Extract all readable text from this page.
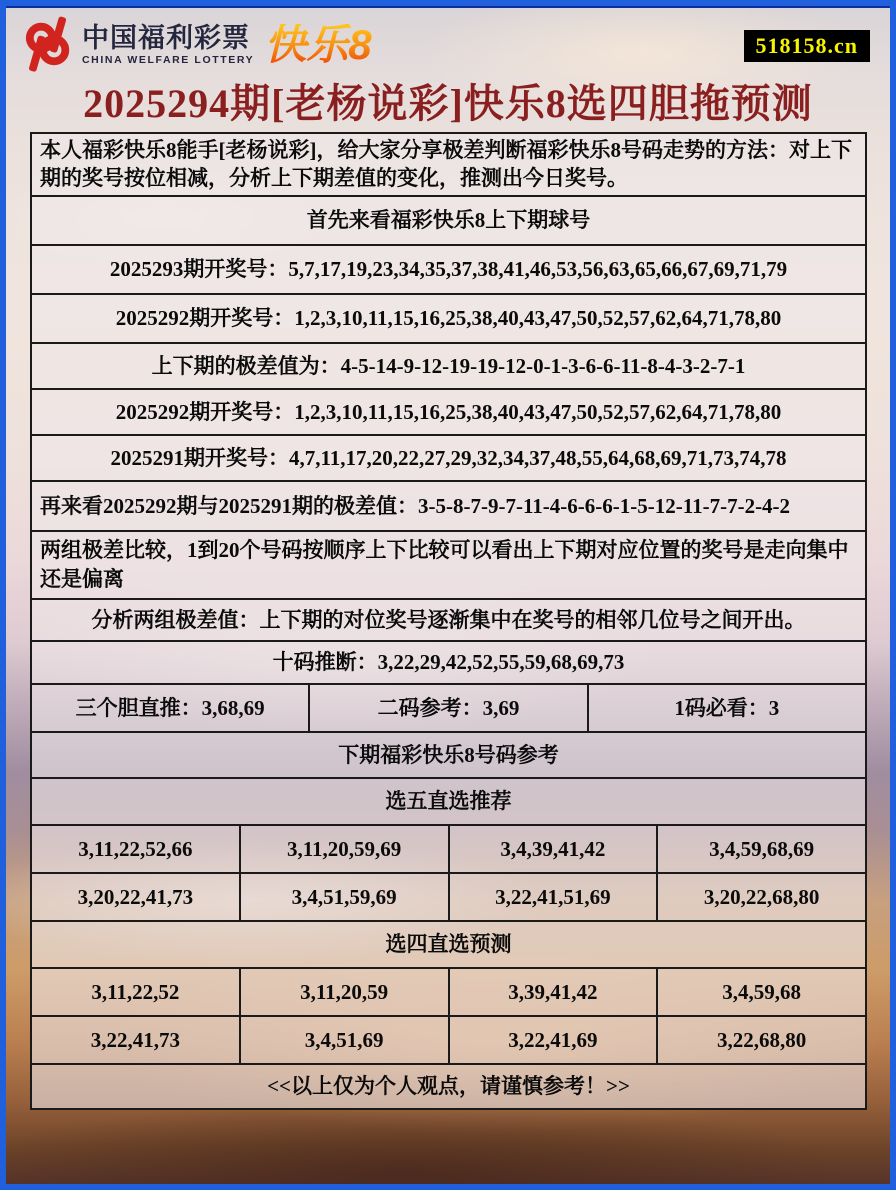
中国福利彩票
CHINA WELFARE LOTTERY 快乐8	518158.cn
2025294期[老杨说彩]快乐8选四胆拖预测
本人福彩快乐8能手[老杨说彩]，给大家分享极差判断福彩快乐8号码走势的方法：对上下期的奖号按位相减，分析上下期差值的变化，推测出今日奖号。
首先来看福彩快乐8上下期球号
2025293期开奖号：5,7,17,19,23,34,35,37,38,41,46,53,56,63,65,66,67,69,71,79
2025292期开奖号：1,2,3,10,11,15,16,25,38,40,43,47,50,52,57,62,64,71,78,80
上下期的极差值为：4-5-14-9-12-19-19-12-0-1-3-6-6-11-8-4-3-2-7-1
2025292期开奖号：1,2,3,10,11,15,16,25,38,40,43,47,50,52,57,62,64,71,78,80
2025291期开奖号：4,7,11,17,20,22,27,29,32,34,37,48,55,64,68,69,71,73,74,78
再来看2025292期与2025291期的极差值：3-5-8-7-9-7-11-4-6-6-6-1-5-12-11-7-7-2-4-2
两组极差比较，1到20个号码按顺序上下比较可以看出上下期对应位置的奖号是走向集中还是偏离
分析两组极差值：上下期的对位奖号逐渐集中在奖号的相邻几位号之间开出。
十码推断：3,22,29,42,52,55,59,68,69,73
三个胆直推：3,68,69	二码参考：3,69	1码必看：3
下期福彩快乐8号码参考
选五直选推荐
3,11,22,52,66	3,11,20,59,69	3,4,39,41,42	3,4,59,68,69
3,20,22,41,73	3,4,51,59,69	3,22,41,51,69	3,20,22,68,80
选四直选预测
3,11,22,52	3,11,20,59	3,39,41,42	3,4,59,68
3,22,41,73	3,4,51,69	3,22,41,69	3,22,68,80
<<以上仅为个人观点，请谨慎参考！>>
